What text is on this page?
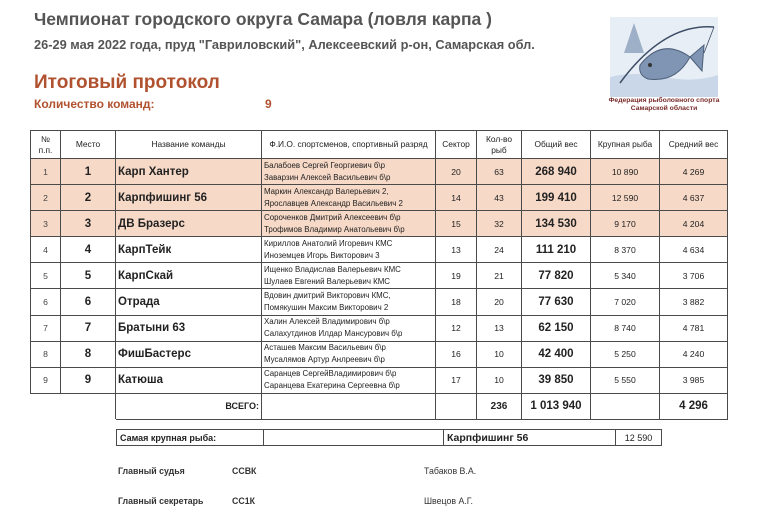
Чемпионат городского округа Самара (ловля карпа )
26-29 мая 2022 года, пруд "Гавриловский", Алексеевский р-он, Самарская обл.
Итоговый протокол
Количество команд:	9	Федерация рыболовного спорта
Самарской области
№ п.п.	Место	Название команды	Ф.И.О. спортсменов, спортивный разряд	Сектор	Кол-во рыб	Общий вес	Крупная рыба	Средний вес
1	1	Карп Хантер	Балабоев Сергей Георгиевич б\р
Заварзин Алексей Васильевич б\р	20	63	268 940	10 890	4 269
2	2	Карпфишинг 56	Маркин Александр Валерьевич 2,
Ярославцев Александр Васильевич 2	14	43	199 410	12 590	4 637
3	3	ДВ Бразерс	Сороченков Дмитрий Алексеевич б\р
Трофимов Владимир Анатольевич б\р	15	32	134 530	9 170	4 204
4	4	КарпТейк	Кириллов Анатолий Игоревич КМС
Иноземцев Игорь Викторович 3	13	24	111 210	8 370	4 634
5	5	КарпСкай	Ищенко Владислав Валерьевич КМС
Шулаев Евгений Валерьевич КМС	19	21	77 820	5 340	3 706
6	6	Отрада	Вдовин дмитрий Викторович КМС,
Помякушин Максим Викторович 2	18	20	77 630	7 020	3 882
7	7	Братыни 63	Халин Алексей Владимирович б\р
Салахутдинов Илдар Мансурович б\р	12	13	62 150	8 740	4 781
8	8	ФишБастерс	Асташев Максим Васильевич б\р
Мусалямов Артур Анлреевич б\р	16	10	42 400	5 250	4 240
9	9	Катюша	Саранцев СергейВладимирович б\р
Саранцева Екатерина Сергеевна б\р	17	10	39 850	5 550	3 985
		ВСЕГО:			236	1 013 940		4 296
Самая крупная рыба:		Карпфишинг 56	12 590
Главный судья	ССВК	Табаков В.А.
Главный секретарь	СС1К	Швецов А.Г.
